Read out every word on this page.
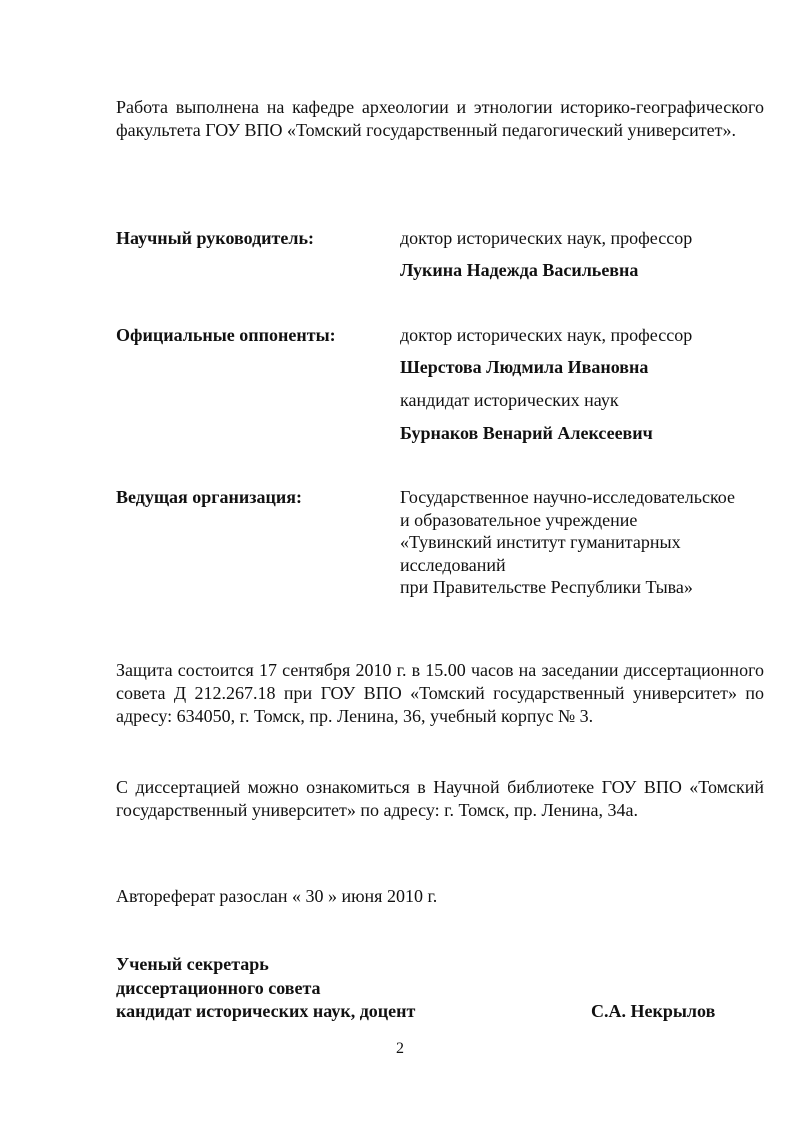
Работа выполнена на кафедре археологии и этнологии историко-географического факультета ГОУ ВПО «Томский государственный педагогический университет».

Научный руководитель:	доктор исторических наук, профессор
Лукина Надежда Васильевна
Официальные оппоненты:	доктор исторических наук, профессор
Шерстова Людмила Ивановна
кандидат исторических наук
Бурнаков Венарий Алексеевич
Ведущая организация:	Государственное научно-исследовательское
и образовательное учреждение
«Тувинский институт гуманитарных
исследований
при Правительстве Республики Тыва»

Защита состоится 17 сентября 2010 г. в 15.00 часов на заседании диссертационного совета Д 212.267.18 при ГОУ ВПО «Томский государственный университет» по адресу: 634050, г. Томск, пр. Ленина, 36, учебный корпус № 3.

С диссертацией можно ознакомиться в Научной библиотеке ГОУ ВПО «Томский государственный университет» по адресу: г. Томск, пр. Ленина, 34а.

Автореферат разослан « 30 » июня 2010 г.

Ученый секретарь
диссертационного совета
кандидат исторических наук, доцент	С.А. Некрылов
2
